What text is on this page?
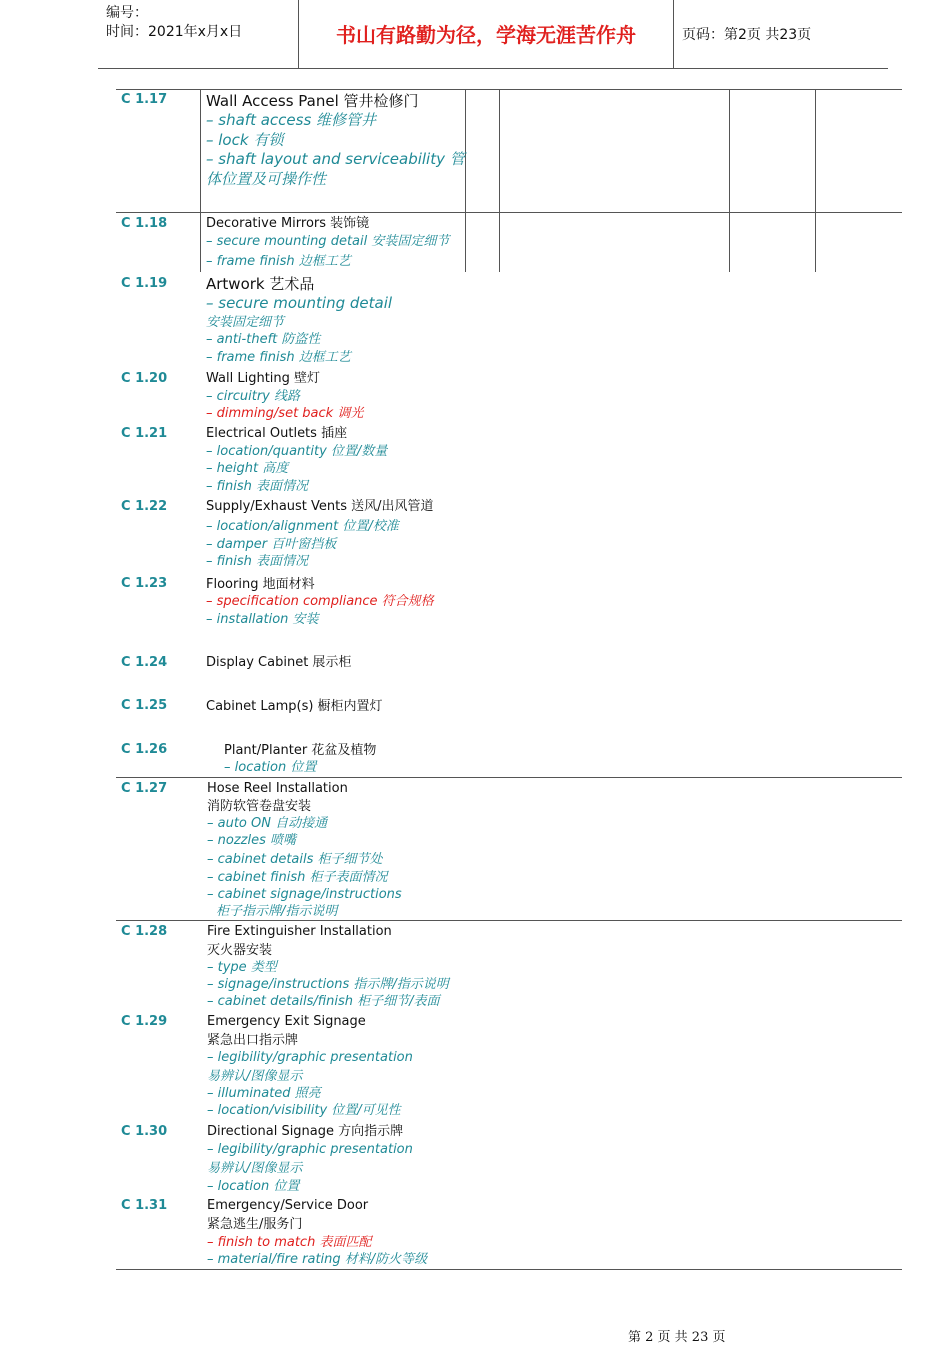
编号：
时间：2021年x月x日	书山有路勤为径，学海无涯苦作舟	页码：第2页 共23页
C 1.17	Wall Access Panel 管井检修门
– shaft access 维修管井
– lock 有锁
– shaft layout and serviceability 管
体位置及可操作性
C 1.18	Decorative Mirrors 装饰镜
– secure mounting detail 安装固定细节
– frame finish 边框工艺
C 1.19	Artwork 艺术品
– secure mounting detail
安装固定细节
– anti-theft 防盗性
– frame finish 边框工艺
C 1.20	Wall Lighting 壁灯
– circuitry 线路
– dimming/set back 调光
C 1.21	Electrical Outlets 插座
– location/quantity 位置/数量
– height 高度
– finish 表面情况
C 1.22	Supply/Exhaust Vents 送风/出风管道
– location/alignment 位置/校准
– damper 百叶窗挡板
– finish 表面情况
C 1.23	Flooring 地面材料
– specification compliance 符合规格
– installation 安装
C 1.24	Display Cabinet 展示柜
C 1.25	Cabinet Lamp(s) 橱柜内置灯
C 1.26	Plant/Planter 花盆及植物
– location 位置
C 1.27	Hose Reel Installation
消防软管卷盘安装
– auto ON 自动接通
– nozzles 喷嘴
– cabinet details 柜子细节处
– cabinet finish 柜子表面情况
– cabinet signage/instructions
柜子指示牌/指示说明
C 1.28	Fire Extinguisher Installation
灭火器安装
– type 类型
– signage/instructions 指示牌/指示说明
– cabinet details/finish 柜子细节/表面
C 1.29	Emergency Exit Signage
紧急出口指示牌
– legibility/graphic presentation
易辨认/图像显示
– illuminated 照亮
– location/visibility 位置/可见性
C 1.30	Directional Signage 方向指示牌
– legibility/graphic presentation
易辨认/图像显示
– location 位置
C 1.31	Emergency/Service Door
紧急逃生/服务门
– finish to match 表面匹配
– material/fire rating 材料/防火等级
第 2 页 共 23 页
